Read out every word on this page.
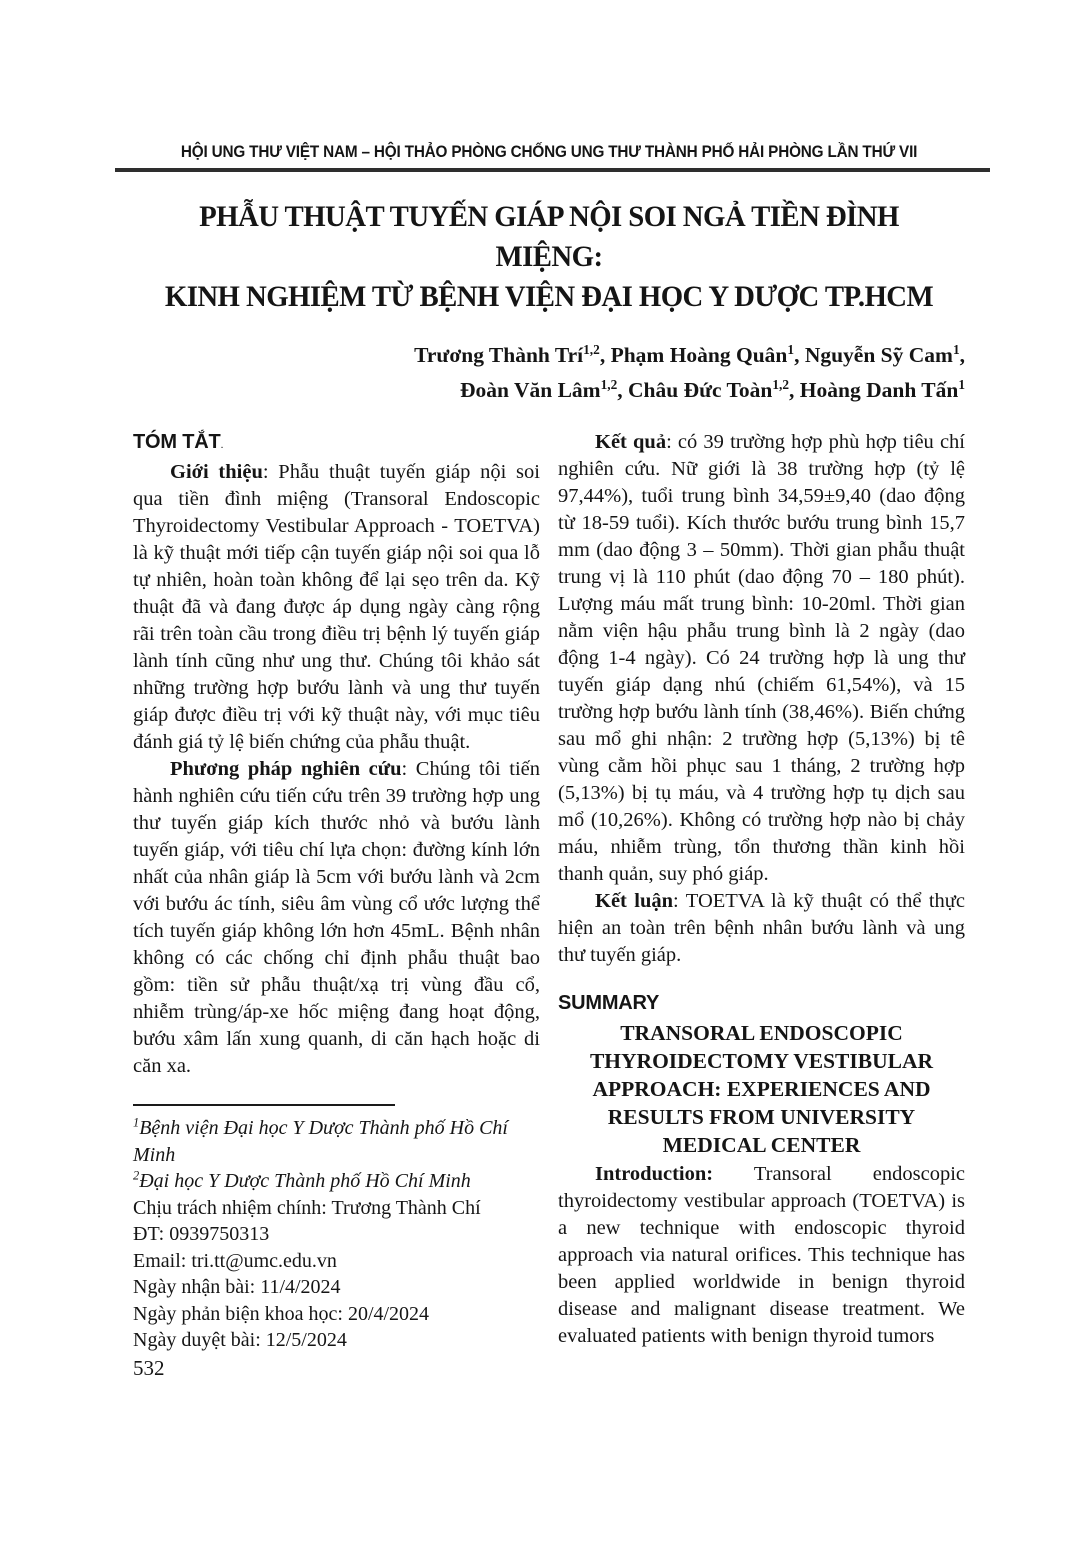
HỘI UNG THƯ VIỆT NAM – HỘI THẢO PHÒNG CHỐNG UNG THƯ THÀNH PHỐ HẢI PHÒNG LẦN THỨ VII
PHẪU THUẬT TUYẾN GIÁP NỘI SOI NGẢ TIỀN ĐÌNH MIỆNG:
KINH NGHIỆM TỪ BỆNH VIỆN ĐẠI HỌC Y DƯỢC TP.HCM
Trương Thành Trí$^{1,2}$, Phạm Hoàng Quân$^1$, Nguyễn Sỹ Cam$^1$,
Đoàn Văn Lâm$^{1,2}$, Châu Đức Toàn$^{1,2}$, Hoàng Danh Tấn$^1$
TÓM TẮT.

Giới thiệu: Phẫu thuật tuyến giáp nội soi qua tiền đình miệng (Transoral Endoscopic Thyroidectomy Vestibular Approach - TOETVA) là kỹ thuật mới tiếp cận tuyến giáp nội soi qua lỗ tự nhiên, hoàn toàn không để lại sẹo trên da. Kỹ thuật đã và đang được áp dụng ngày càng rộng rãi trên toàn cầu trong điều trị bệnh lý tuyến giáp lành tính cũng như ung thư. Chúng tôi khảo sát những trường hợp bướu lành và ung thư tuyến giáp được điều trị với kỹ thuật này, với mục tiêu đánh giá tỷ lệ biến chứng của phẫu thuật.

Phương pháp nghiên cứu: Chúng tôi tiến hành nghiên cứu tiến cứu trên 39 trường hợp ung thư tuyến giáp kích thước nhỏ và bướu lành tuyến giáp, với tiêu chí lựa chọn: đường kính lớn nhất của nhân giáp là 5cm với bướu lành và 2cm với bướu ác tính, siêu âm vùng cổ ước lượng thể tích tuyến giáp không lớn hơn 45mL. Bệnh nhân không có các chống chỉ định phẫu thuật bao gồm: tiền sử phẫu thuật/xạ trị vùng đầu cổ, nhiễm trùng/áp-xe hốc miệng đang hoạt động, bướu xâm lấn xung quanh, di căn hạch hoặc di căn xa.

$^1$Bệnh viện Đại học Y Dược Thành phố Hồ Chí Minh
$^2$Đại học Y Dược Thành phố Hồ Chí Minh
Chịu trách nhiệm chính: Trương Thành Chí
ĐT: 0939750313
Email: tri.tt@umc.edu.vn
Ngày nhận bài: 11/4/2024
Ngày phản biện khoa học: 20/4/2024
Ngày duyệt bài: 12/5/2024

Kết quả: có 39 trường hợp phù hợp tiêu chí nghiên cứu. Nữ giới là 38 trường hợp (tỷ lệ 97,44%), tuổi trung bình 34,59±9,40 (dao động từ 18-59 tuổi). Kích thước bướu trung bình 15,7 mm (dao động 3 – 50mm). Thời gian phẫu thuật trung vị là 110 phút (dao động 70 – 180 phút). Lượng máu mất trung bình: 10-20ml. Thời gian nằm viện hậu phẫu trung bình là 2 ngày (dao động 1-4 ngày). Có 24 trường hợp là ung thư tuyến giáp dạng nhú (chiếm 61,54%), và 15 trường hợp bướu lành tính (38,46%). Biến chứng sau mổ ghi nhận: 2 trường hợp (5,13%) bị tê vùng cằm hồi phục sau 1 tháng, 2 trường hợp (5,13%) bị tụ máu, và 4 trường hợp tụ dịch sau mổ (10,26%). Không có trường hợp nào bị chảy máu, nhiễm trùng, tổn thương thần kinh hồi thanh quản, suy phó giáp.

Kết luận: TOETVA là kỹ thuật có thể thực hiện an toàn trên bệnh nhân bướu lành và ung thư tuyến giáp.

SUMMARY
TRANSORAL ENDOSCOPIC
THYROIDECTOMY VESTIBULAR
APPROACH: EXPERIENCES AND
RESULTS FROM UNIVERSITY
MEDICAL CENTER

Introduction: Transoral endoscopic thyroidectomy vestibular approach (TOETVA) is a new technique with endoscopic thyroid approach via natural orifices. This technique has been applied worldwide in benign thyroid disease and malignant disease treatment. We evaluated patients with benign thyroid tumors

532
